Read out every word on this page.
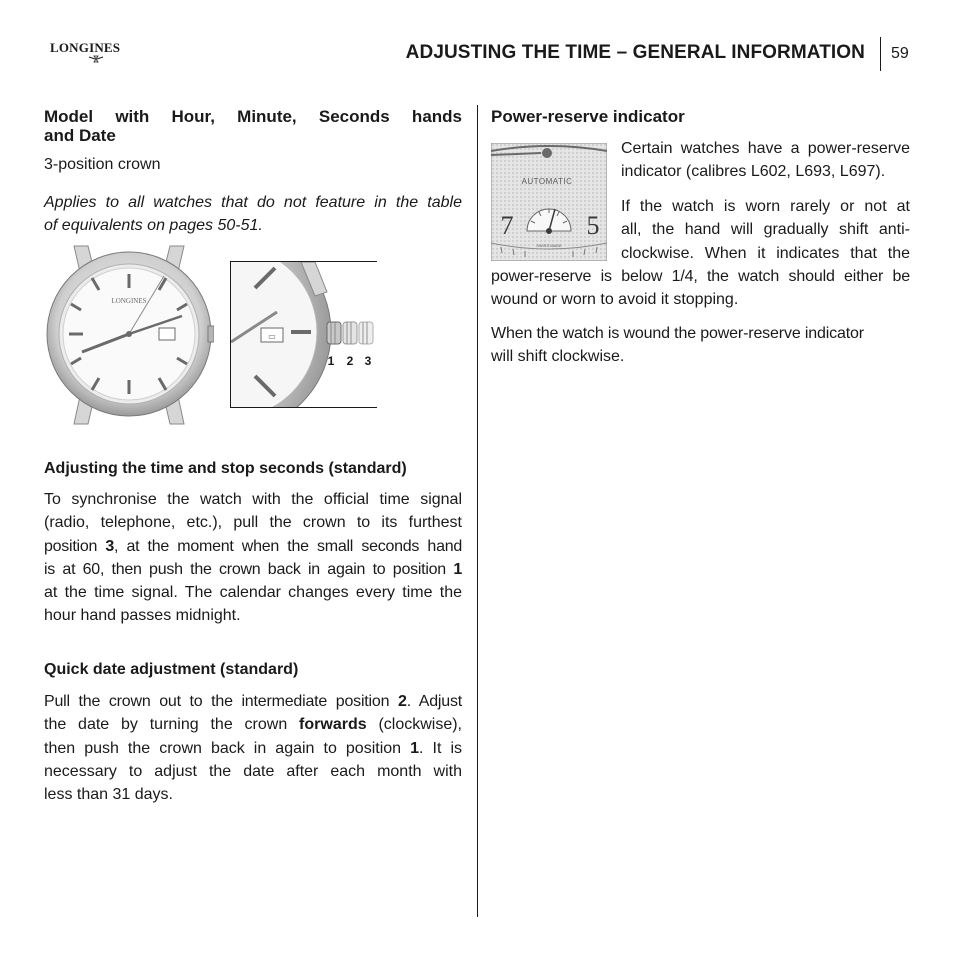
LONGINES	ADJUSTING THE TIME – GENERAL INFORMATION 59
Model with Hour, Minute, Seconds hands
and Date
3-position crown
Applies to all watches that do not feature in the table
of equivalents on pages 50-51.
LONGINES
▭
1 2 3
Adjusting the time and stop seconds (standard)
To synchronise the watch with the official time signal
(radio, telephone, etc.), pull the crown to its furthest
position 3, at the moment when the small seconds hand
is at 60, then push the crown back in again to position 1
at the time signal. The calendar changes every time the
hour hand passes midnight.
Quick date adjustment (standard)
Pull the crown out to the intermediate position 2. Adjust
the date by turning the crown forwards (clockwise),
then push the crown back in again to position 1. It is
necessary to adjust the date after each month with
less than 31 days.
Power-reserve indicator
AUTOMATIC
7	5
SWISS MADE
Certain watches have a power-reserve
indicator (calibres L602, L693, L697).
If the watch is worn rarely or not at
all, the hand will gradually shift anti-
clockwise. When it indicates that the
power-reserve is below 1/4, the watch should either be
wound or worn to avoid it stopping.
When the watch is wound the power-reserve indicator
will shift clockwise.
